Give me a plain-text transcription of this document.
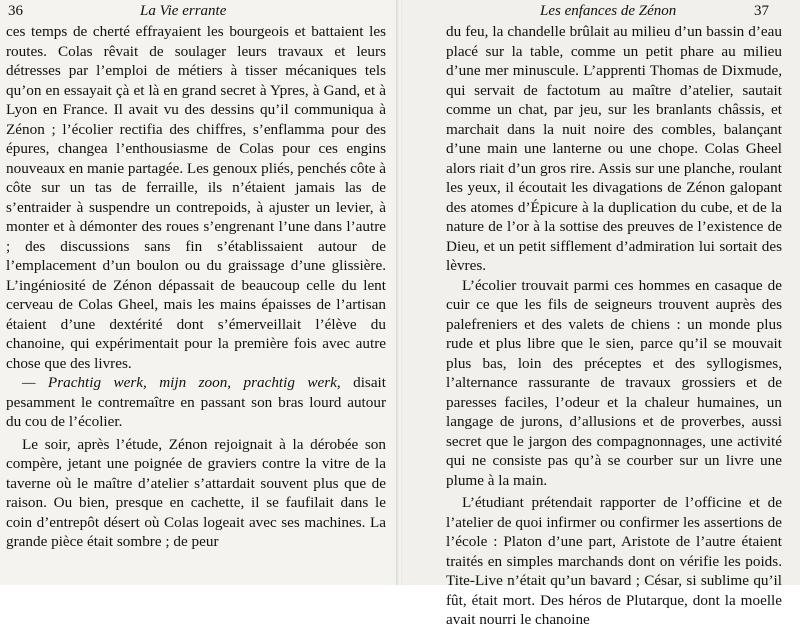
36	La Vie errante

ces temps de cherté effrayaient les bourgeois et battaient les routes. Colas rêvait de soulager leurs travaux et leurs détresses par l’emploi de métiers à tisser mécaniques tels qu’on en essayait çà et là en grand secret à Ypres, à Gand, et à Lyon en France. Il avait vu des dessins qu’il communiqua à Zénon ; l’écolier rectifia des chiffres, s’enflamma pour des épures, changea l’enthousiasme de Colas pour ces engins nouveaux en manie partagée. Les genoux pliés, penchés côte à côte sur un tas de ferraille, ils n’étaient jamais las de s’entraider à suspendre un contrepoids, à ajuster un levier, à monter et à démonter des roues s’engrenant l’une dans l’autre ; des discussions sans fin s’établissaient autour de l’emplacement d’un boulon ou du graissage d’une glissière. L’ingéniosité de Zénon dépassait de beaucoup celle du lent cerveau de Colas Gheel, mais les mains épaisses de l’artisan étaient d’une dextérité dont s’émerveillait l’élève du chanoine, qui expérimentait pour la première fois avec autre chose que des livres.

— Prachtig werk, mijn zoon, prachtig werk, disait pesamment le contremaître en passant son bras lourd autour du cou de l’écolier.

Le soir, après l’étude, Zénon rejoignait à la dérobée son compère, jetant une poignée de graviers contre la vitre de la taverne où le maître d’atelier s’attardait souvent plus que de raison. Ou bien, presque en cachette, il se faufilait dans le coin d’entrepôt désert où Colas logeait avec ses machines. La grande pièce était sombre ; de peur

Les enfances de Zénon	37

du feu, la chandelle brûlait au milieu d’un bassin d’eau placé sur la table, comme un petit phare au milieu d’une mer minuscule. L’apprenti Thomas de Dixmude, qui servait de factotum au maître d’atelier, sautait comme un chat, par jeu, sur les branlants châssis, et marchait dans la nuit noire des combles, balançant d’une main une lanterne ou une chope. Colas Gheel alors riait d’un gros rire. Assis sur une planche, roulant les yeux, il écoutait les divagations de Zénon galopant des atomes d’Épicure à la duplication du cube, et de la nature de l’or à la sottise des preuves de l’existence de Dieu, et un petit sifflement d’admiration lui sortait des lèvres.

L’écolier trouvait parmi ces hommes en casaque de cuir ce que les fils de seigneurs trouvent auprès des palefreniers et des valets de chiens : un monde plus rude et plus libre que le sien, parce qu’il se mouvait plus bas, loin des préceptes et des syllogismes, l’alternance rassurante de travaux grossiers et de paresses faciles, l’odeur et la chaleur humaines, un langage de jurons, d’allusions et de proverbes, aussi secret que le jargon des compagnonnages, une activité qui ne consiste pas qu’à se courber sur un livre une plume à la main.

L’étudiant prétendait rapporter de l’officine et de l’atelier de quoi infirmer ou confirmer les assertions de l’école : Platon d’une part, Aristote de l’autre étaient traités en simples marchands dont on vérifie les poids. Tite-Live n’était qu’un bavard ; César, si sublime qu’il fût, était mort. Des héros de Plutarque, dont la moelle avait nourri le chanoine
